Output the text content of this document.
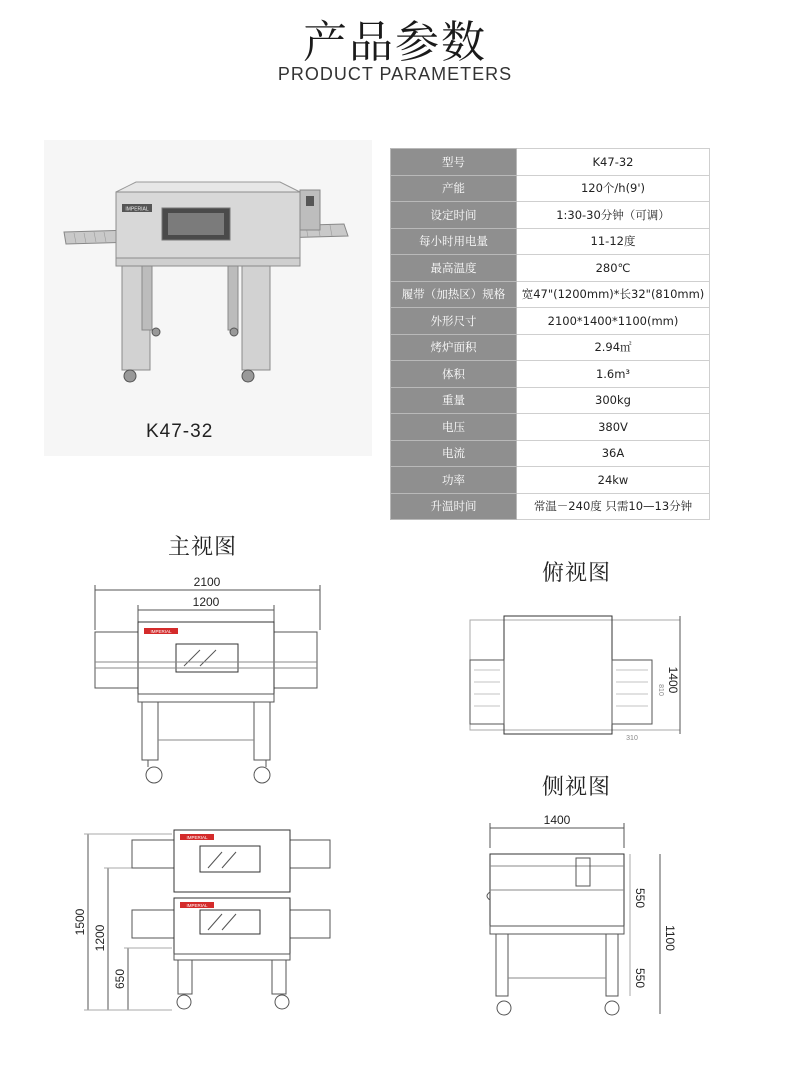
产品参数
PRODUCT PARAMETERS
IMPERIAL
K47-32
型号	K47-32
产能	120个/h(9')
设定时间	1:30-30分钟（可调）
每小时用电量	11-12度
最高温度	280℃
履带（加热区）规格	宽47"(1200mm)*长32"(810mm)
外形尺寸	2100*1400*1100(mm)
烤炉面积	2.94㎡
体积	1.6m³
重量	300kg
电压	380V
电流	36A
功率	24kw
升温时间	常温－240度 只需10—13分钟
主视图
俯视图
侧视图
IMPERIAL
2100
1200
1400
810
310
IMPERIAL
IMPERIAL
1500
1200
650
1400
550
550
1100
